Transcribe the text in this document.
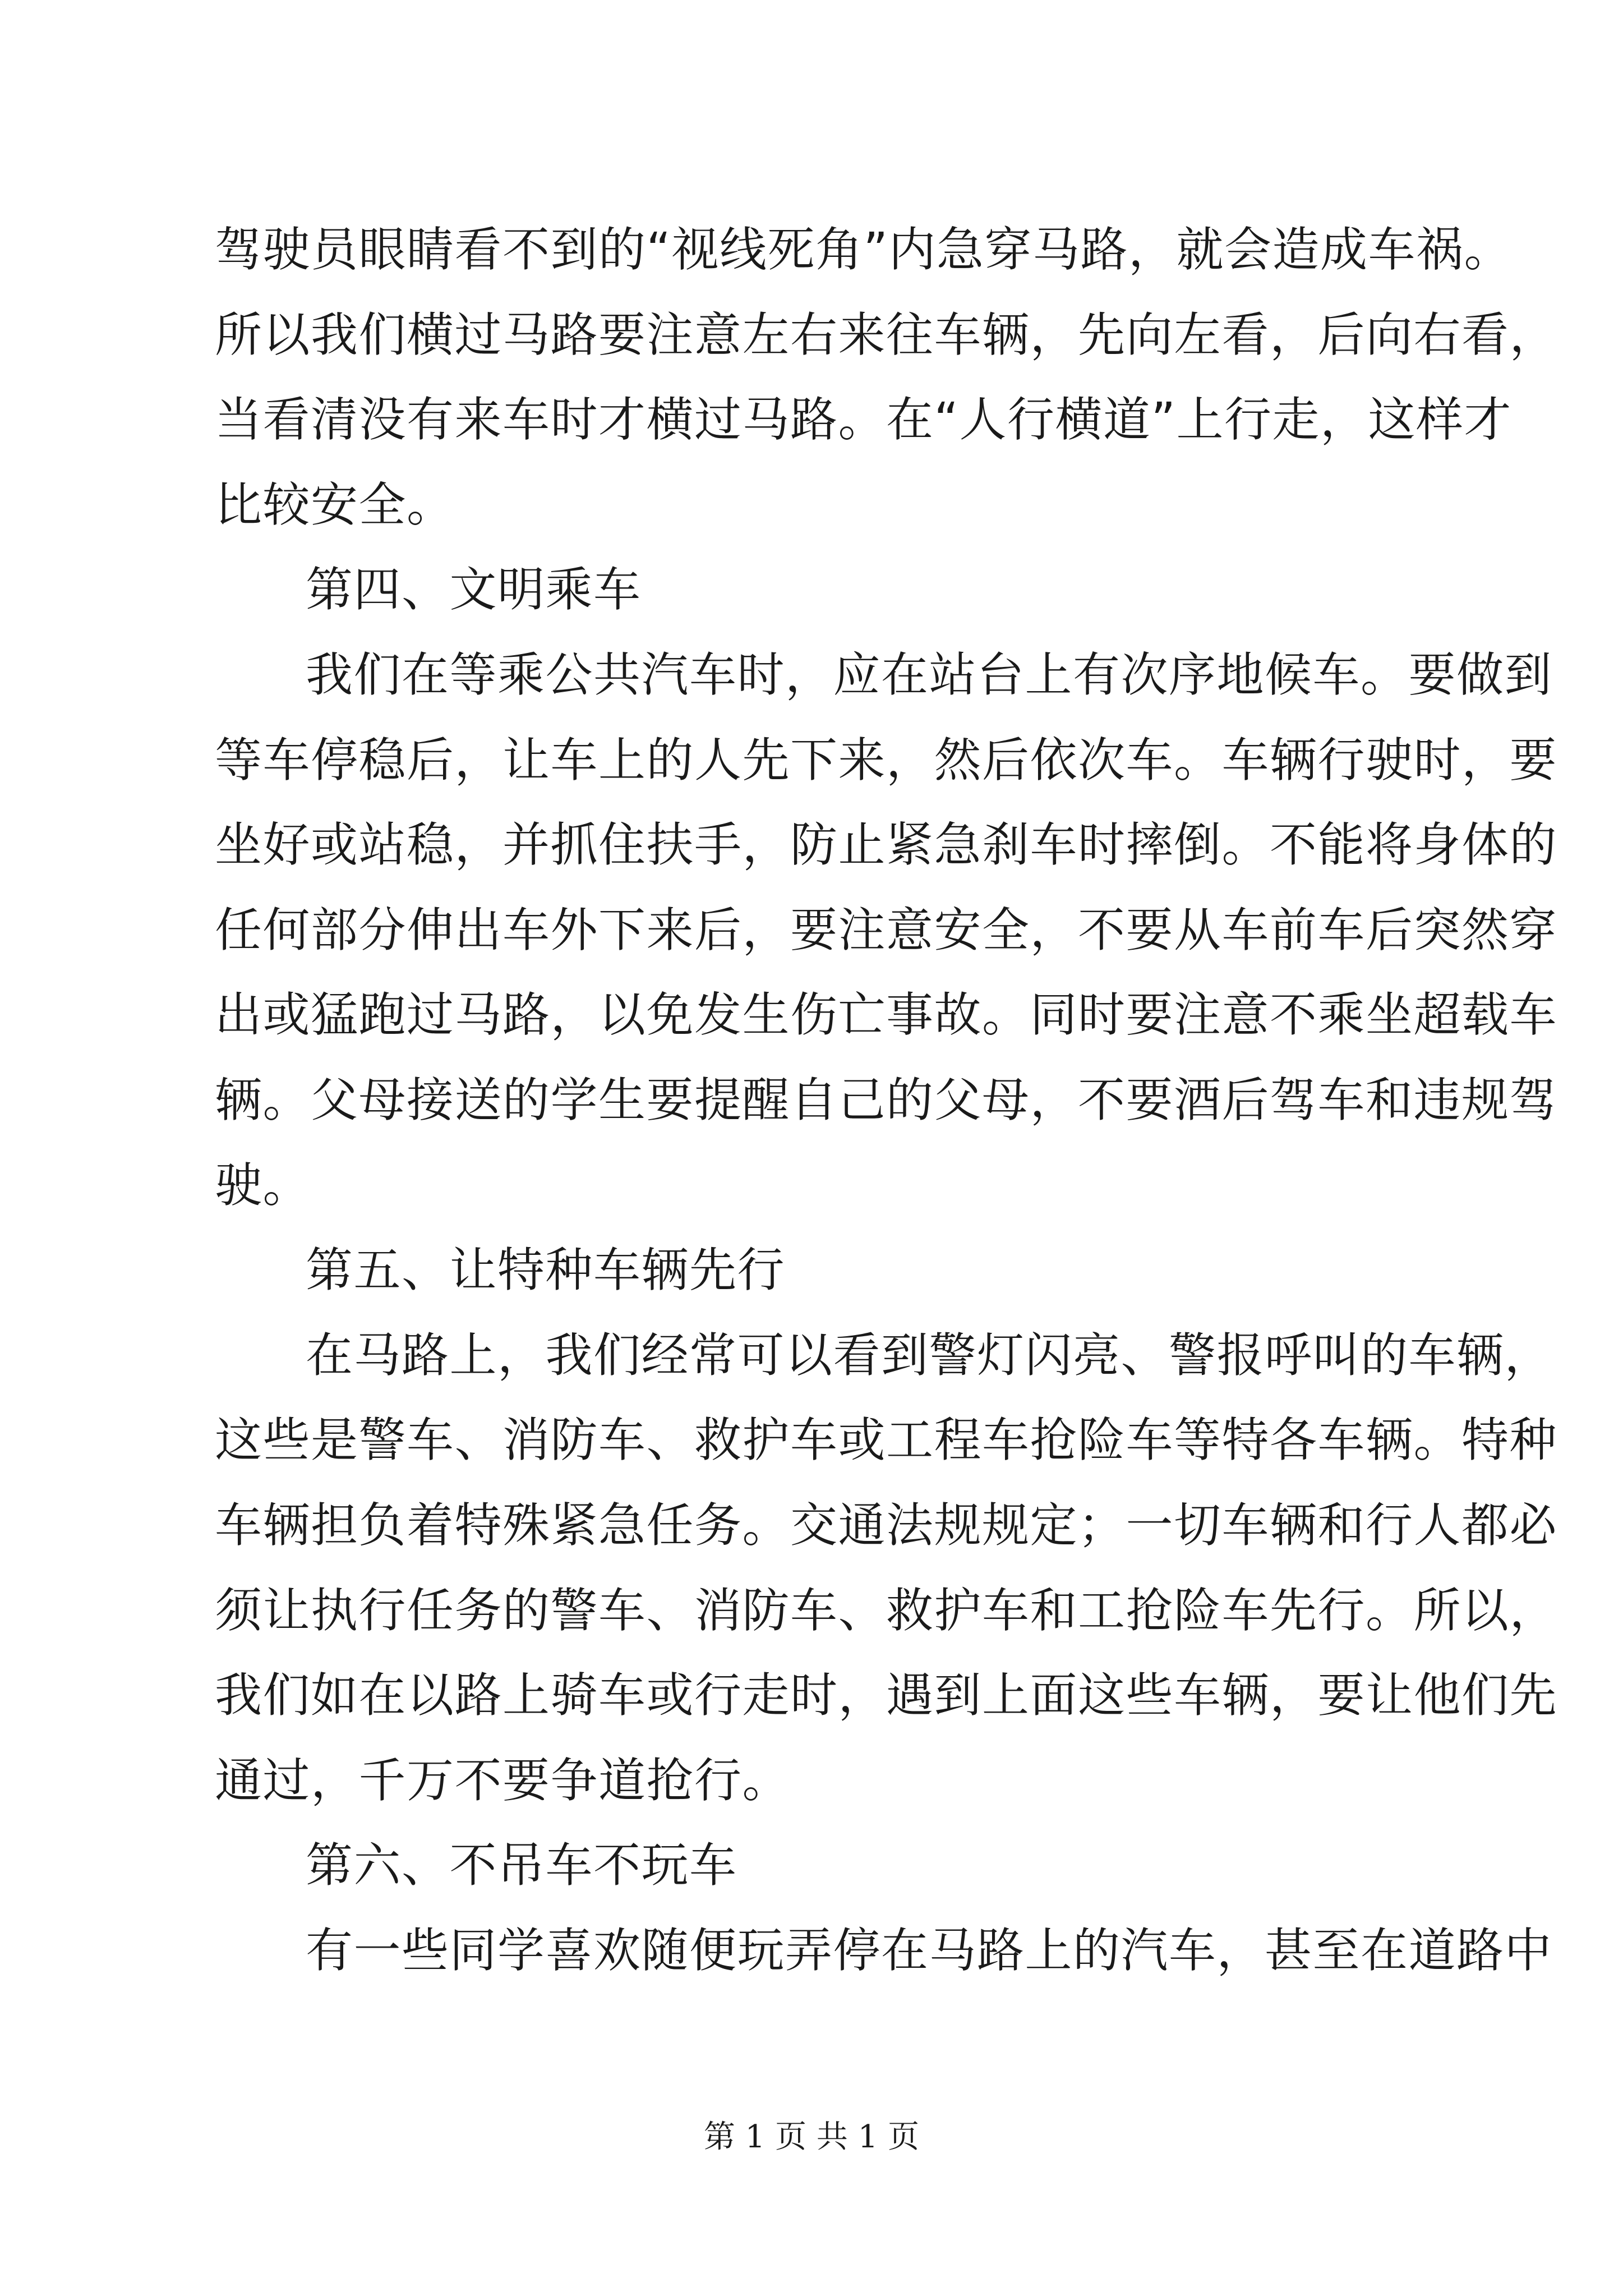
驾驶员眼睛看不到的“视线死角”内急穿马路，就会造成车祸。
所以我们横过马路要注意左右来往车辆，先向左看，后向右看，
当看清没有来车时才横过马路。在“人行横道”上行走，这样才
比较安全。
第四、文明乘车
我们在等乘公共汽车时，应在站台上有次序地候车。要做到
等车停稳后，让车上的人先下来，然后依次车。车辆行驶时，要
坐好或站稳，并抓住扶手，防止紧急刹车时摔倒。不能将身体的
任何部分伸出车外下来后，要注意安全，不要从车前车后突然穿
出或猛跑过马路，以免发生伤亡事故。同时要注意不乘坐超载车
辆。父母接送的学生要提醒自己的父母，不要酒后驾车和违规驾
驶。
第五、让特种车辆先行
在马路上，我们经常可以看到警灯闪亮、警报呼叫的车辆，
这些是警车、消防车、救护车或工程车抢险车等特各车辆。特种
车辆担负着特殊紧急任务。交通法规规定；一切车辆和行人都必
须让执行任务的警车、消防车、救护车和工抢险车先行。所以，
我们如在以路上骑车或行走时，遇到上面这些车辆，要让他们先
通过，千万不要争道抢行。
第六、不吊车不玩车
有一些同学喜欢随便玩弄停在马路上的汽车，甚至在道路中
第 1 页 共 1 页
